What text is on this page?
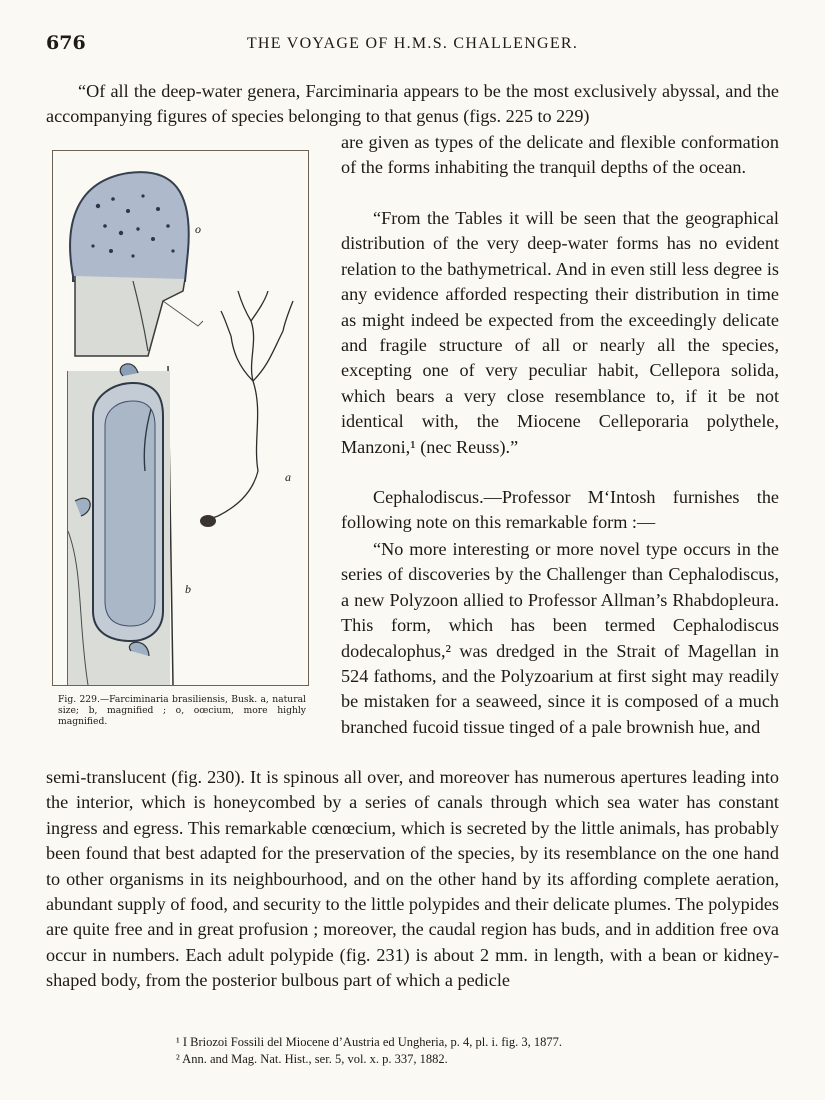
676	THE VOYAGE OF H.M.S. CHALLENGER.

“Of all the deep-water genera, Farciminaria appears to be the most exclusively abyssal, and the accompanying figures of species belonging to that genus (figs. 225 to 229)

are given as types of the delicate and flexible conformation of the forms inhabiting the tranquil depths of the ocean.

“From the Tables it will be seen that the geographical distribution of the very deep-water forms has no evident relation to the bathymetrical. And in even still less degree is any evidence afforded respecting their distribution in time as might indeed be expected from the exceedingly delicate and fragile structure of all or nearly all the species, excepting one of very peculiar habit, Cellepora solida, which bears a very close resemblance to, if it be not identical with, the Miocene Celleporaria polythele, Manzoni,¹ (nec Reuss).”

Cephalodiscus.—Professor M‘Intosh furnishes the following note on this remarkable form :—

“No more interesting or more novel type occurs in the series of discoveries by the Challenger than Cephalodiscus, a new Polyzoon allied to Professor Allman’s Rhabdopleura. This form, which has been termed Cephalodiscus dodecalophus,² was dredged in the Strait of Magellan in 524 fathoms, and the Polyzoarium at first sight may readily be mistaken for a seaweed, since it is composed of a much branched fucoid tissue tinged of a pale brownish hue, and

semi-translucent (fig. 230). It is spinous all over, and moreover has numerous apertures leading into the interior, which is honeycombed by a series of canals through which sea water has constant ingress and egress. This remarkable cœnœcium, which is secreted by the little animals, has probably been found that best adapted for the preservation of the species, by its resemblance on the one hand to other organisms in its neighbourhood, and on the other hand by its affording complete aeration, abundant supply of food, and security to the little polypides and their delicate plumes. The polypides are quite free and in great profusion ; moreover, the caudal region has buds, and in addition free ova occur in numbers. Each adult polypide (fig. 231) is about 2 mm. in length, with a bean or kidney-shaped body, from the posterior bulbous part of which a pedicle

o
a
b
Fig. 229.—Farciminaria brasiliensis, Busk. a, natural size; b, magnified ; o, oœcium, more highly magnified.
¹ I Briozoi Fossili del Miocene d’Austria ed Ungheria, p. 4, pl. i. fig. 3, 1877.
² Ann. and Mag. Nat. Hist., ser. 5, vol. x. p. 337, 1882.
